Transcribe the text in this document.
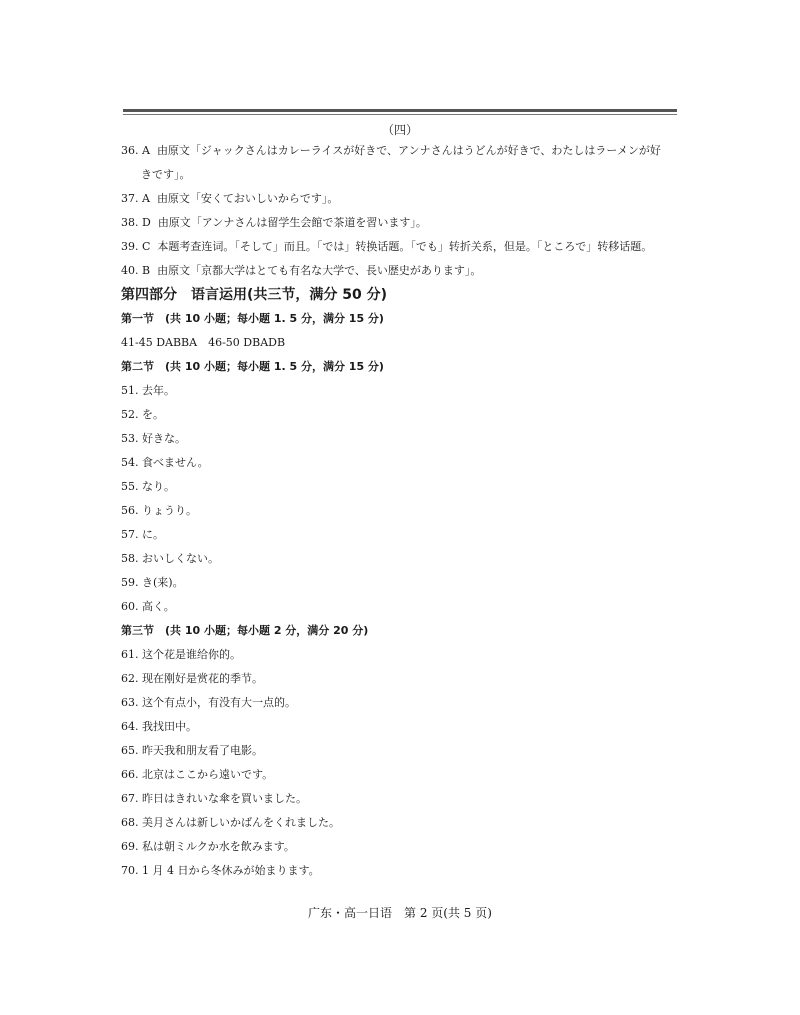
（四）
36. A 由原文「ジャックさんはカレーライスが好きで、アンナさんはうどんが好きで、わたしはラーメンが好
きです」。
37. A 由原文「安くておいしいからです」。
38. D 由原文「アンナさんは留学生会館で茶道を習います」。
39. C 本题考查连词。「そして」而且。「では」转换话题。「でも」转折关系，但是。「ところで」转移话题。
40. B 由原文「京都大学はとても有名な大学で、長い歴史があります」。
第四部分　语言运用(共三节，满分 50 分)
第一节　(共 10 小题；每小题 1. 5 分，满分 15 分)
41-45 DABBA　46-50 DBADB
第二节　(共 10 小题；每小题 1. 5 分，满分 15 分)
51. 去年。
52. を。
53. 好きな。
54. 食べません。
55. なり。
56. りょうり。
57. に。
58. おいしくない。
59. き(来)。
60. 高く。
第三节　(共 10 小题；每小题 2 分，满分 20 分)
61. 这个花是谁给你的。
62. 现在刚好是赏花的季节。
63. 这个有点小，有没有大一点的。
64. 我找田中。
65. 昨天我和朋友看了电影。
66. 北京はここから遠いです。
67. 昨日はきれいな傘を買いました。
68. 美月さんは新しいかばんをくれました。
69. 私は朝ミルクか水を飲みます。
70. 1 月 4 日から冬休みが始まります。
广东・高一日语　第 2 页(共 5 页)
